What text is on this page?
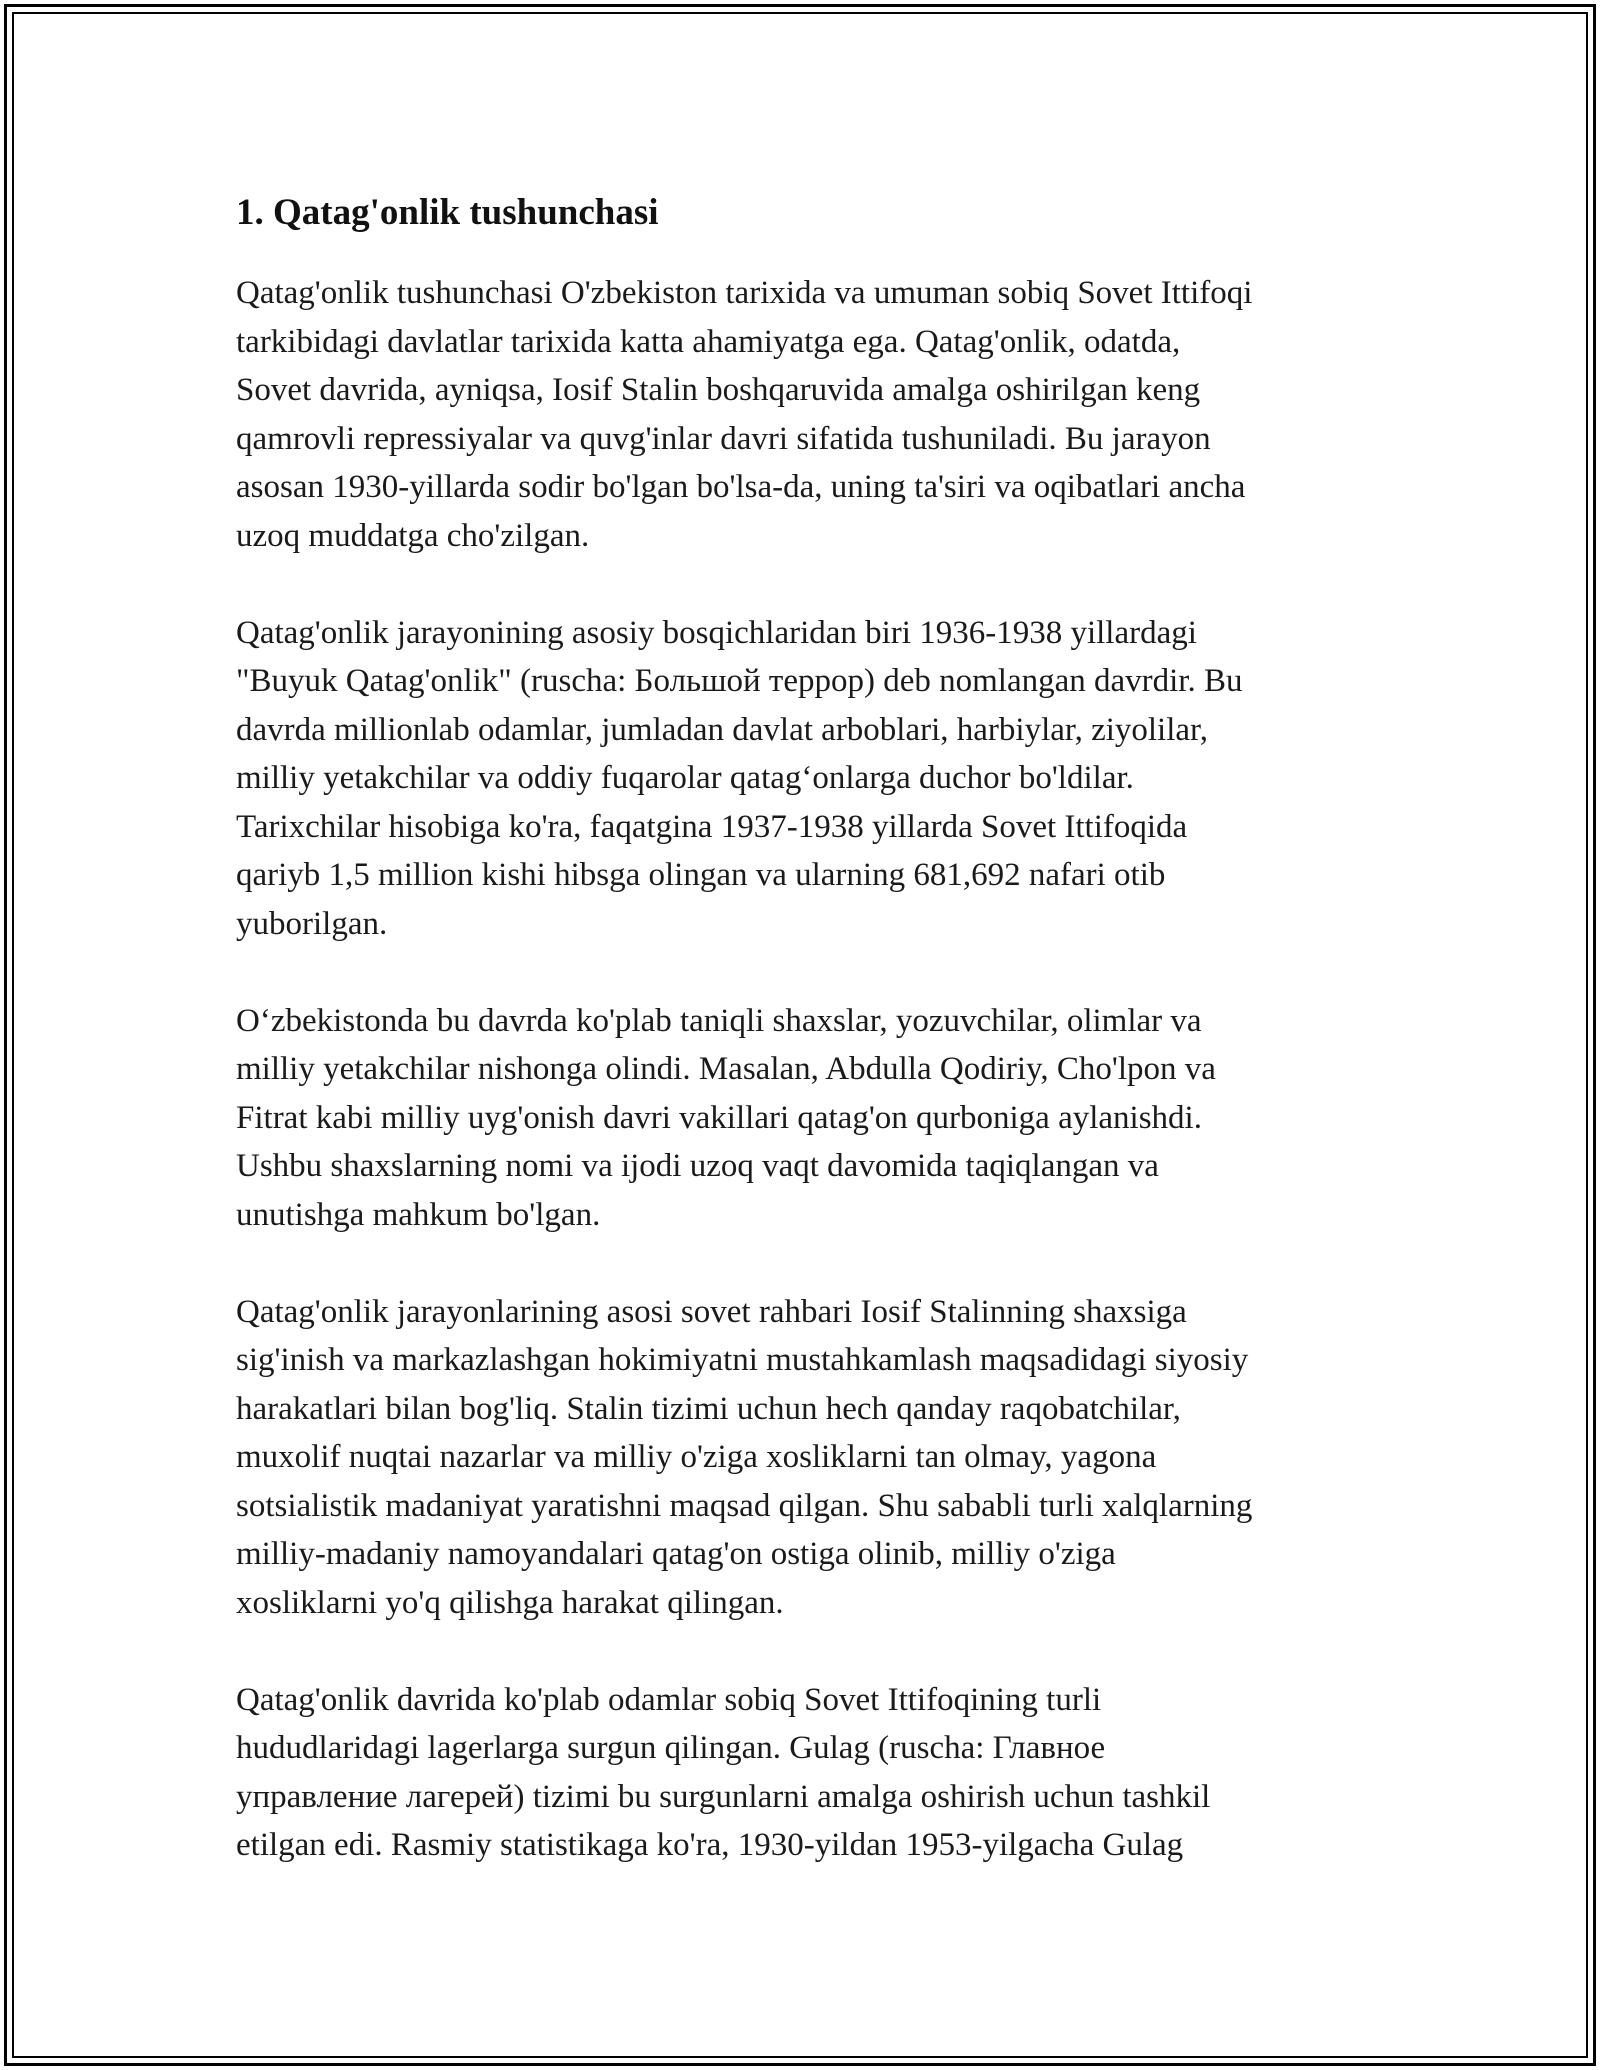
1. Qatag'onlik tushunchasi

Qatag'onlik tushunchasi O'zbekiston tarixida va umuman sobiq Sovet Ittifoqi
tarkibidagi davlatlar tarixida katta ahamiyatga ega. Qatag'onlik, odatda,
Sovet davrida, ayniqsa, Iosif Stalin boshqaruvida amalga oshirilgan keng
qamrovli repressiyalar va quvg'inlar davri sifatida tushuniladi. Bu jarayon
asosan 1930-yillarda sodir bo'lgan bo'lsa-da, uning ta'siri va oqibatlari ancha
uzoq muddatga cho'zilgan.

Qatag'onlik jarayonining asosiy bosqichlaridan biri 1936-1938 yillardagi
"Buyuk Qatag'onlik" (ruscha: Большой террор) deb nomlangan davrdir. Bu
davrda millionlab odamlar, jumladan davlat arboblari, harbiylar, ziyolilar,
milliy yetakchilar va oddiy fuqarolar qatag‘onlarga duchor bo'ldilar.
Tarixchilar hisobiga ko'ra, faqatgina 1937-1938 yillarda Sovet Ittifoqida
qariyb 1,5 million kishi hibsga olingan va ularning 681,692 nafari otib
yuborilgan.

O‘zbekistonda bu davrda ko'plab taniqli shaxslar, yozuvchilar, olimlar va
milliy yetakchilar nishonga olindi. Masalan, Abdulla Qodiriy, Cho'lpon va
Fitrat kabi milliy uyg'onish davri vakillari qatag'on qurboniga aylanishdi.
Ushbu shaxslarning nomi va ijodi uzoq vaqt davomida taqiqlangan va
unutishga mahkum bo'lgan.

Qatag'onlik jarayonlarining asosi sovet rahbari Iosif Stalinning shaxsiga
sig'inish va markazlashgan hokimiyatni mustahkamlash maqsadidagi siyosiy
harakatlari bilan bog'liq. Stalin tizimi uchun hech qanday raqobatchilar,
muxolif nuqtai nazarlar va milliy o'ziga xosliklarni tan olmay, yagona
sotsialistik madaniyat yaratishni maqsad qilgan. Shu sababli turli xalqlarning
milliy-madaniy namoyandalari qatag'on ostiga olinib, milliy o'ziga
xosliklarni yo'q qilishga harakat qilingan.

Qatag'onlik davrida ko'plab odamlar sobiq Sovet Ittifoqining turli
hududlaridagi lagerlarga surgun qilingan. Gulag (ruscha: Главное
управление лагерей) tizimi bu surgunlarni amalga oshirish uchun tashkil
etilgan edi. Rasmiy statistikaga ko'ra, 1930-yildan 1953-yilgacha Gulag
